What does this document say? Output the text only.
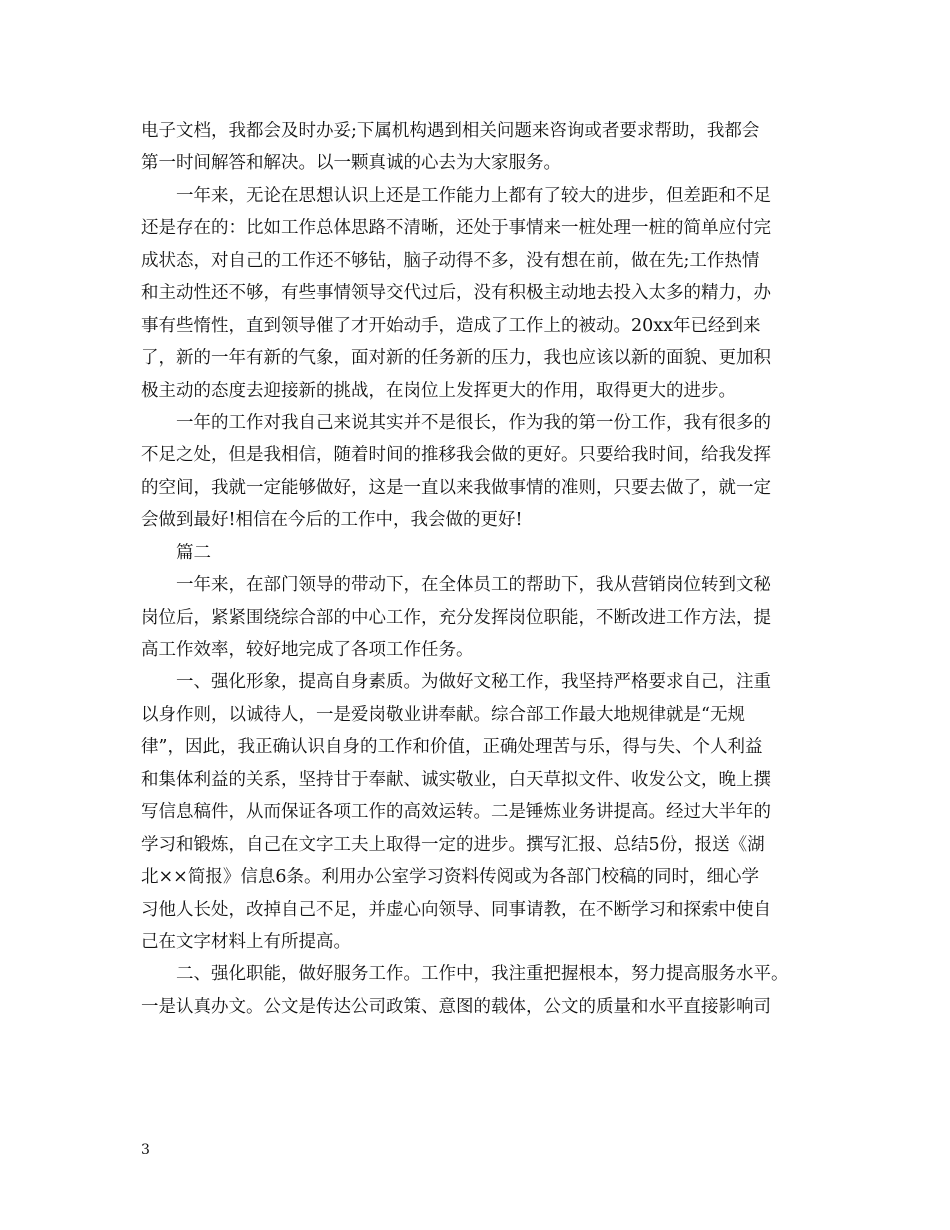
电子文档，我都会及时办妥;下属机构遇到相关问题来咨询或者要求帮助，我都会
第一时间解答和解决。以一颗真诚的心去为大家服务。
一年来，无论在思想认识上还是工作能力上都有了较大的进步，但差距和不足
还是存在的：比如工作总体思路不清晰，还处于事情来一桩处理一桩的简单应付完
成状态，对自己的工作还不够钻，脑子动得不多，没有想在前，做在先;工作热情
和主动性还不够，有些事情领导交代过后，没有积极主动地去投入太多的精力，办
事有些惰性，直到领导催了才开始动手，造成了工作上的被动。20xx年已经到来
了，新的一年有新的气象，面对新的任务新的压力，我也应该以新的面貌、更加积
极主动的态度去迎接新的挑战，在岗位上发挥更大的作用，取得更大的进步。
一年的工作对我自己来说其实并不是很长，作为我的第一份工作，我有很多的
不足之处，但是我相信，随着时间的推移我会做的更好。只要给我时间，给我发挥
的空间，我就一定能够做好，这是一直以来我做事情的准则，只要去做了，就一定
会做到最好!相信在今后的工作中，我会做的更好!
篇二
一年来，在部门领导的带动下，在全体员工的帮助下，我从营销岗位转到文秘
岗位后，紧紧围绕综合部的中心工作，充分发挥岗位职能，不断改进工作方法，提
高工作效率，较好地完成了各项工作任务。
一、强化形象，提高自身素质。为做好文秘工作，我坚持严格要求自己，注重
以身作则，以诚待人，一是爱岗敬业讲奉献。综合部工作最大地规律就是“无规
律”，因此，我正确认识自身的工作和价值，正确处理苦与乐，得与失、个人利益
和集体利益的关系，坚持甘于奉献、诚实敬业，白天草拟文件、收发公文，晚上撰
写信息稿件，从而保证各项工作的高效运转。二是锤炼业务讲提高。经过大半年的
学习和锻炼，自己在文字工夫上取得一定的进步。撰写汇报、总结5份，报送《湖
北××简报》信息6条。利用办公室学习资料传阅或为各部门校稿的同时，细心学
习他人长处，改掉自己不足，并虚心向领导、同事请教，在不断学习和探索中使自
己在文字材料上有所提高。
二、强化职能，做好服务工作。工作中，我注重把握根本，努力提高服务水平。
一是认真办文。公文是传达公司政策、意图的载体，公文的质量和水平直接影响司
3
